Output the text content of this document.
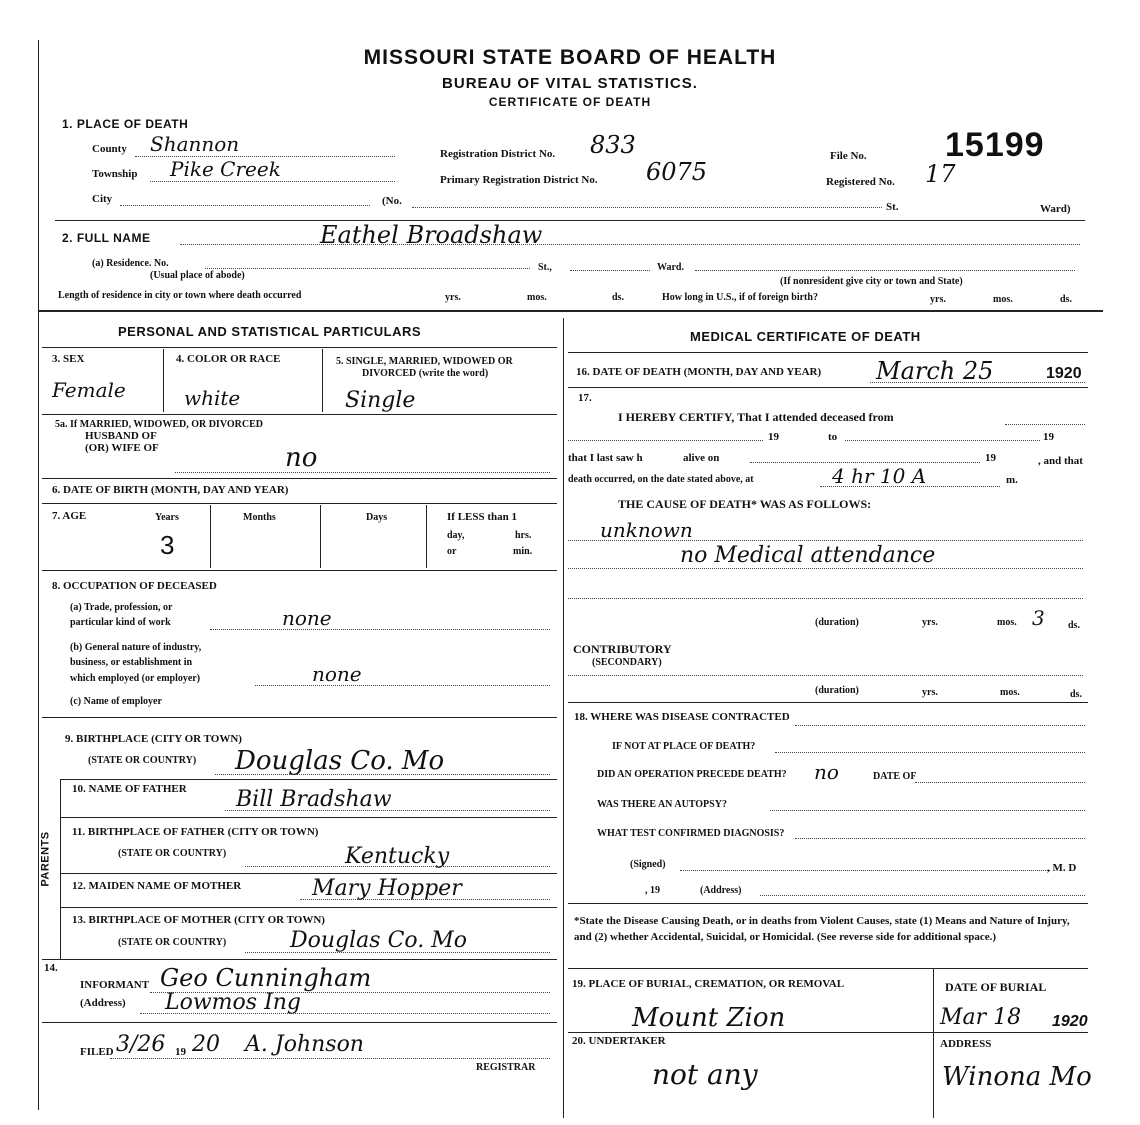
MISSOURI STATE BOARD OF HEALTH
BUREAU OF VITAL STATISTICS.
CERTIFICATE OF DEATH
1. PLACE OF DEATH
County Shannon
Township Pike Creek
City	(No.	St.	Ward)
Registration District No. 833
Primary Registration District No. 6075
File No. 15199
Registered No. 17
2. FULL NAME	Eathel Broadshaw
(a) Residence. No.
(Usual place of abode)
St.,	Ward.
(If nonresident give city or town and State)
Length of residence in city or town where death occurred	yrs.	mos.	ds.	How long in U.S., if of foreign birth?	yrs.	mos.	ds.
PERSONAL AND STATISTICAL PARTICULARS
3. SEX
Female
4. COLOR OR RACE
white
5. SINGLE, MARRIED, WIDOWED OR
DIVORCED (write the word)
Single
5a. If MARRIED, WIDOWED, OR DIVORCED
HUSBAND OF
(OR) WIFE OF	no
6. DATE OF BIRTH (MONTH, DAY AND YEAR)
7. AGE	Years
3
Months	Days	If LESS than 1
day,	hrs.
or	min.
8. OCCUPATION OF DECEASED
(a) Trade, profession, or
particular kind of work	none
(b) General nature of industry,
business, or establishment in
which employed (or employer)	none
(c) Name of employer
9. BIRTHPLACE (CITY OR TOWN)
(STATE OR COUNTRY) Douglas Co. Mo
PARENTS
10. NAME OF FATHER Bill Bradshaw
11. BIRTHPLACE OF FATHER (CITY OR TOWN)
(STATE OR COUNTRY)	Kentucky
12. MAIDEN NAME OF MOTHER	Mary Hopper
13. BIRTHPLACE OF MOTHER (CITY OR TOWN)
(STATE OR COUNTRY)	Douglas Co. Mo
14.
INFORMANT Geo Cunningham
(Address) Lowmos Ing
FILED 3/26 19 20 A. Johnson
REGISTRAR
MEDICAL CERTIFICATE OF DEATH
16. DATE OF DEATH (MONTH, DAY AND YEAR) March 25	1920
17.
I HEREBY CERTIFY, That I attended deceased from
19	to	19
that I last saw h	alive on	19	, and that
death occurred, on the date stated above, at	4 hr 10 A	m.
THE CAUSE OF DEATH* WAS AS FOLLOWS:
unknown
no Medical attendance
(duration)	yrs.	mos. 3 ds.
CONTRIBUTORY
(SECONDARY)
(duration)	yrs.	mos.	ds.
18. WHERE WAS DISEASE CONTRACTED
IF NOT AT PLACE OF DEATH?
DID AN OPERATION PRECEDE DEATH? no	DATE OF
WAS THERE AN AUTOPSY?
WHAT TEST CONFIRMED DIAGNOSIS?
(Signed)	, M. D
, 19	(Address)
*State the Disease Causing Death, or in deaths from Violent Causes, state (1) Means and Nature of Injury, and (2) whether Accidental, Suicidal, or Homicidal. (See reverse side for additional space.)
19. PLACE OF BURIAL, CREMATION, OR REMOVAL
Mount Zion
DATE OF BURIAL
Mar 18 1920
20. UNDERTAKER
not any
ADDRESS
Winona Mo
